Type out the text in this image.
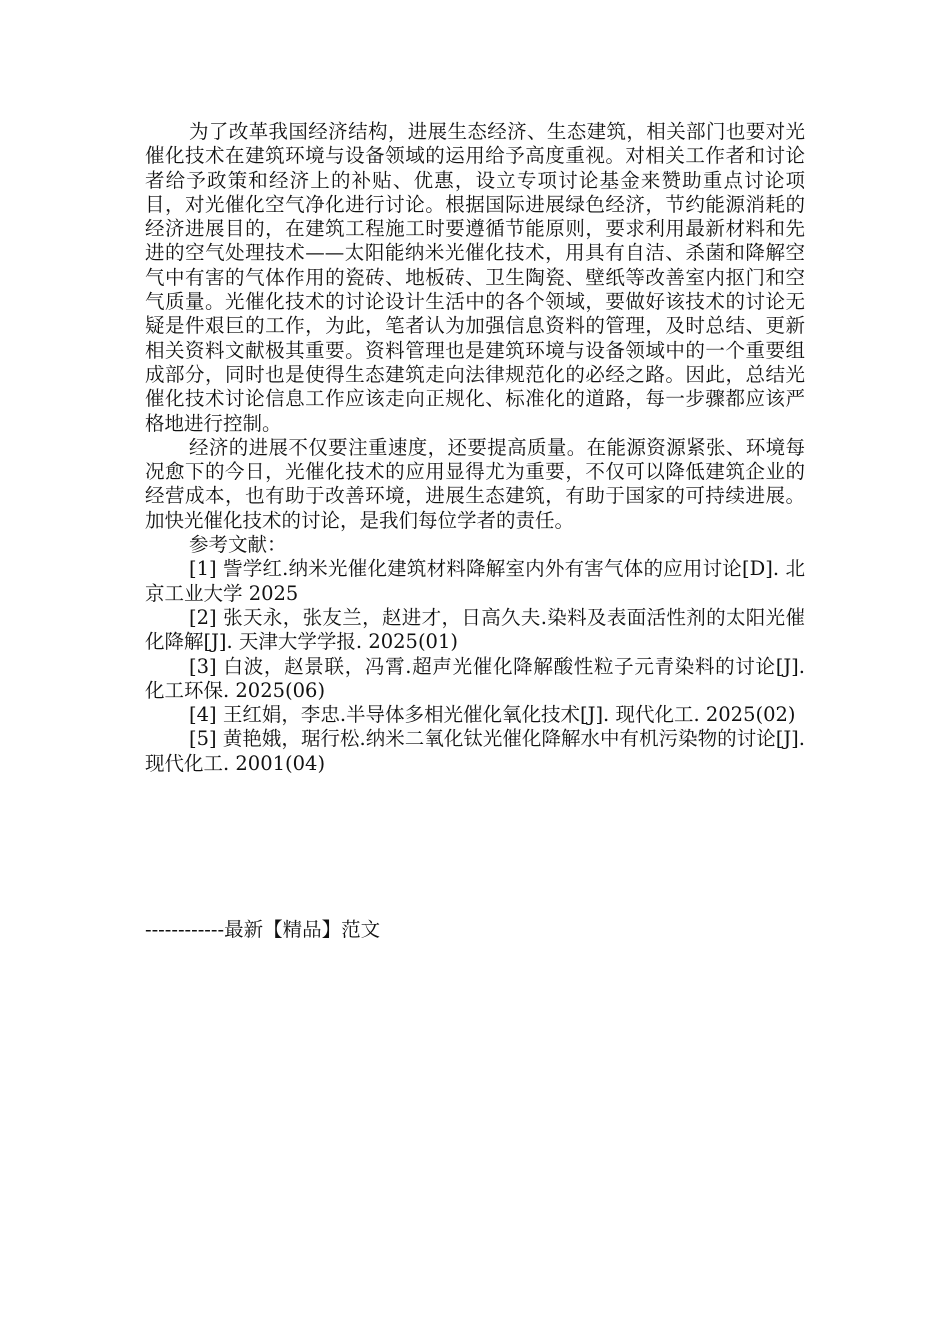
为了改革我国经济结构，进展生态经济、生态建筑，相关部门也要对光催化技术在建筑环境与设备领域的运用给予高度重视。对相关工作者和讨论者给予政策和经济上的补贴、优惠，设立专项讨论基金来赞助重点讨论项目，对光催化空气净化进行讨论。根据国际进展绿色经济，节约能源消耗的经济进展目的，在建筑工程施工时要遵循节能原则，要求利用最新材料和先进的空气处理技术——太阳能纳米光催化技术，用具有自洁、杀菌和降解空气中有害的气体作用的瓷砖、地板砖、卫生陶瓷、壁纸等改善室内抠门和空气质量。光催化技术的讨论设计生活中的各个领域，要做好该技术的讨论无疑是件艰巨的工作，为此，笔者认为加强信息资料的管理，及时总结、更新相关资料文献极其重要。资料管理也是建筑环境与设备领域中的一个重要组成部分，同时也是使得生态建筑走向法律规范化的必经之路。因此，总结光催化技术讨论信息工作应该走向正规化、标准化的道路，每一步骤都应该严格地进行控制。

经济的进展不仅要注重速度，还要提高质量。在能源资源紧张、环境每况愈下的今日，光催化技术的应用显得尤为重要，不仅可以降低建筑企业的经营成本，也有助于改善环境，进展生态建筑，有助于国家的可持续进展。加快光催化技术的讨论，是我们每位学者的责任。

参考文献：

[1] 訾学红.纳米光催化建筑材料降解室内外有害气体的应用讨论[D]. 北京工业大学 2025
[2] 张天永，张友兰，赵进才，日高久夫.染料及表面活性剂的太阳光催化降解[J]. 天津大学学报. 2025(01)
[3] 白波，赵景联，冯霄.超声光催化降解酸性粒子元青染料的讨论[J]. 化工环保. 2025(06)
[4] 王红娟，李忠.半导体多相光催化氧化技术[J]. 现代化工. 2025(02)
[5] 黄艳娥，琚行松.纳米二氧化钛光催化降解水中有机污染物的讨论[J]. 现代化工. 2001(04)
------------最新【精品】范文
